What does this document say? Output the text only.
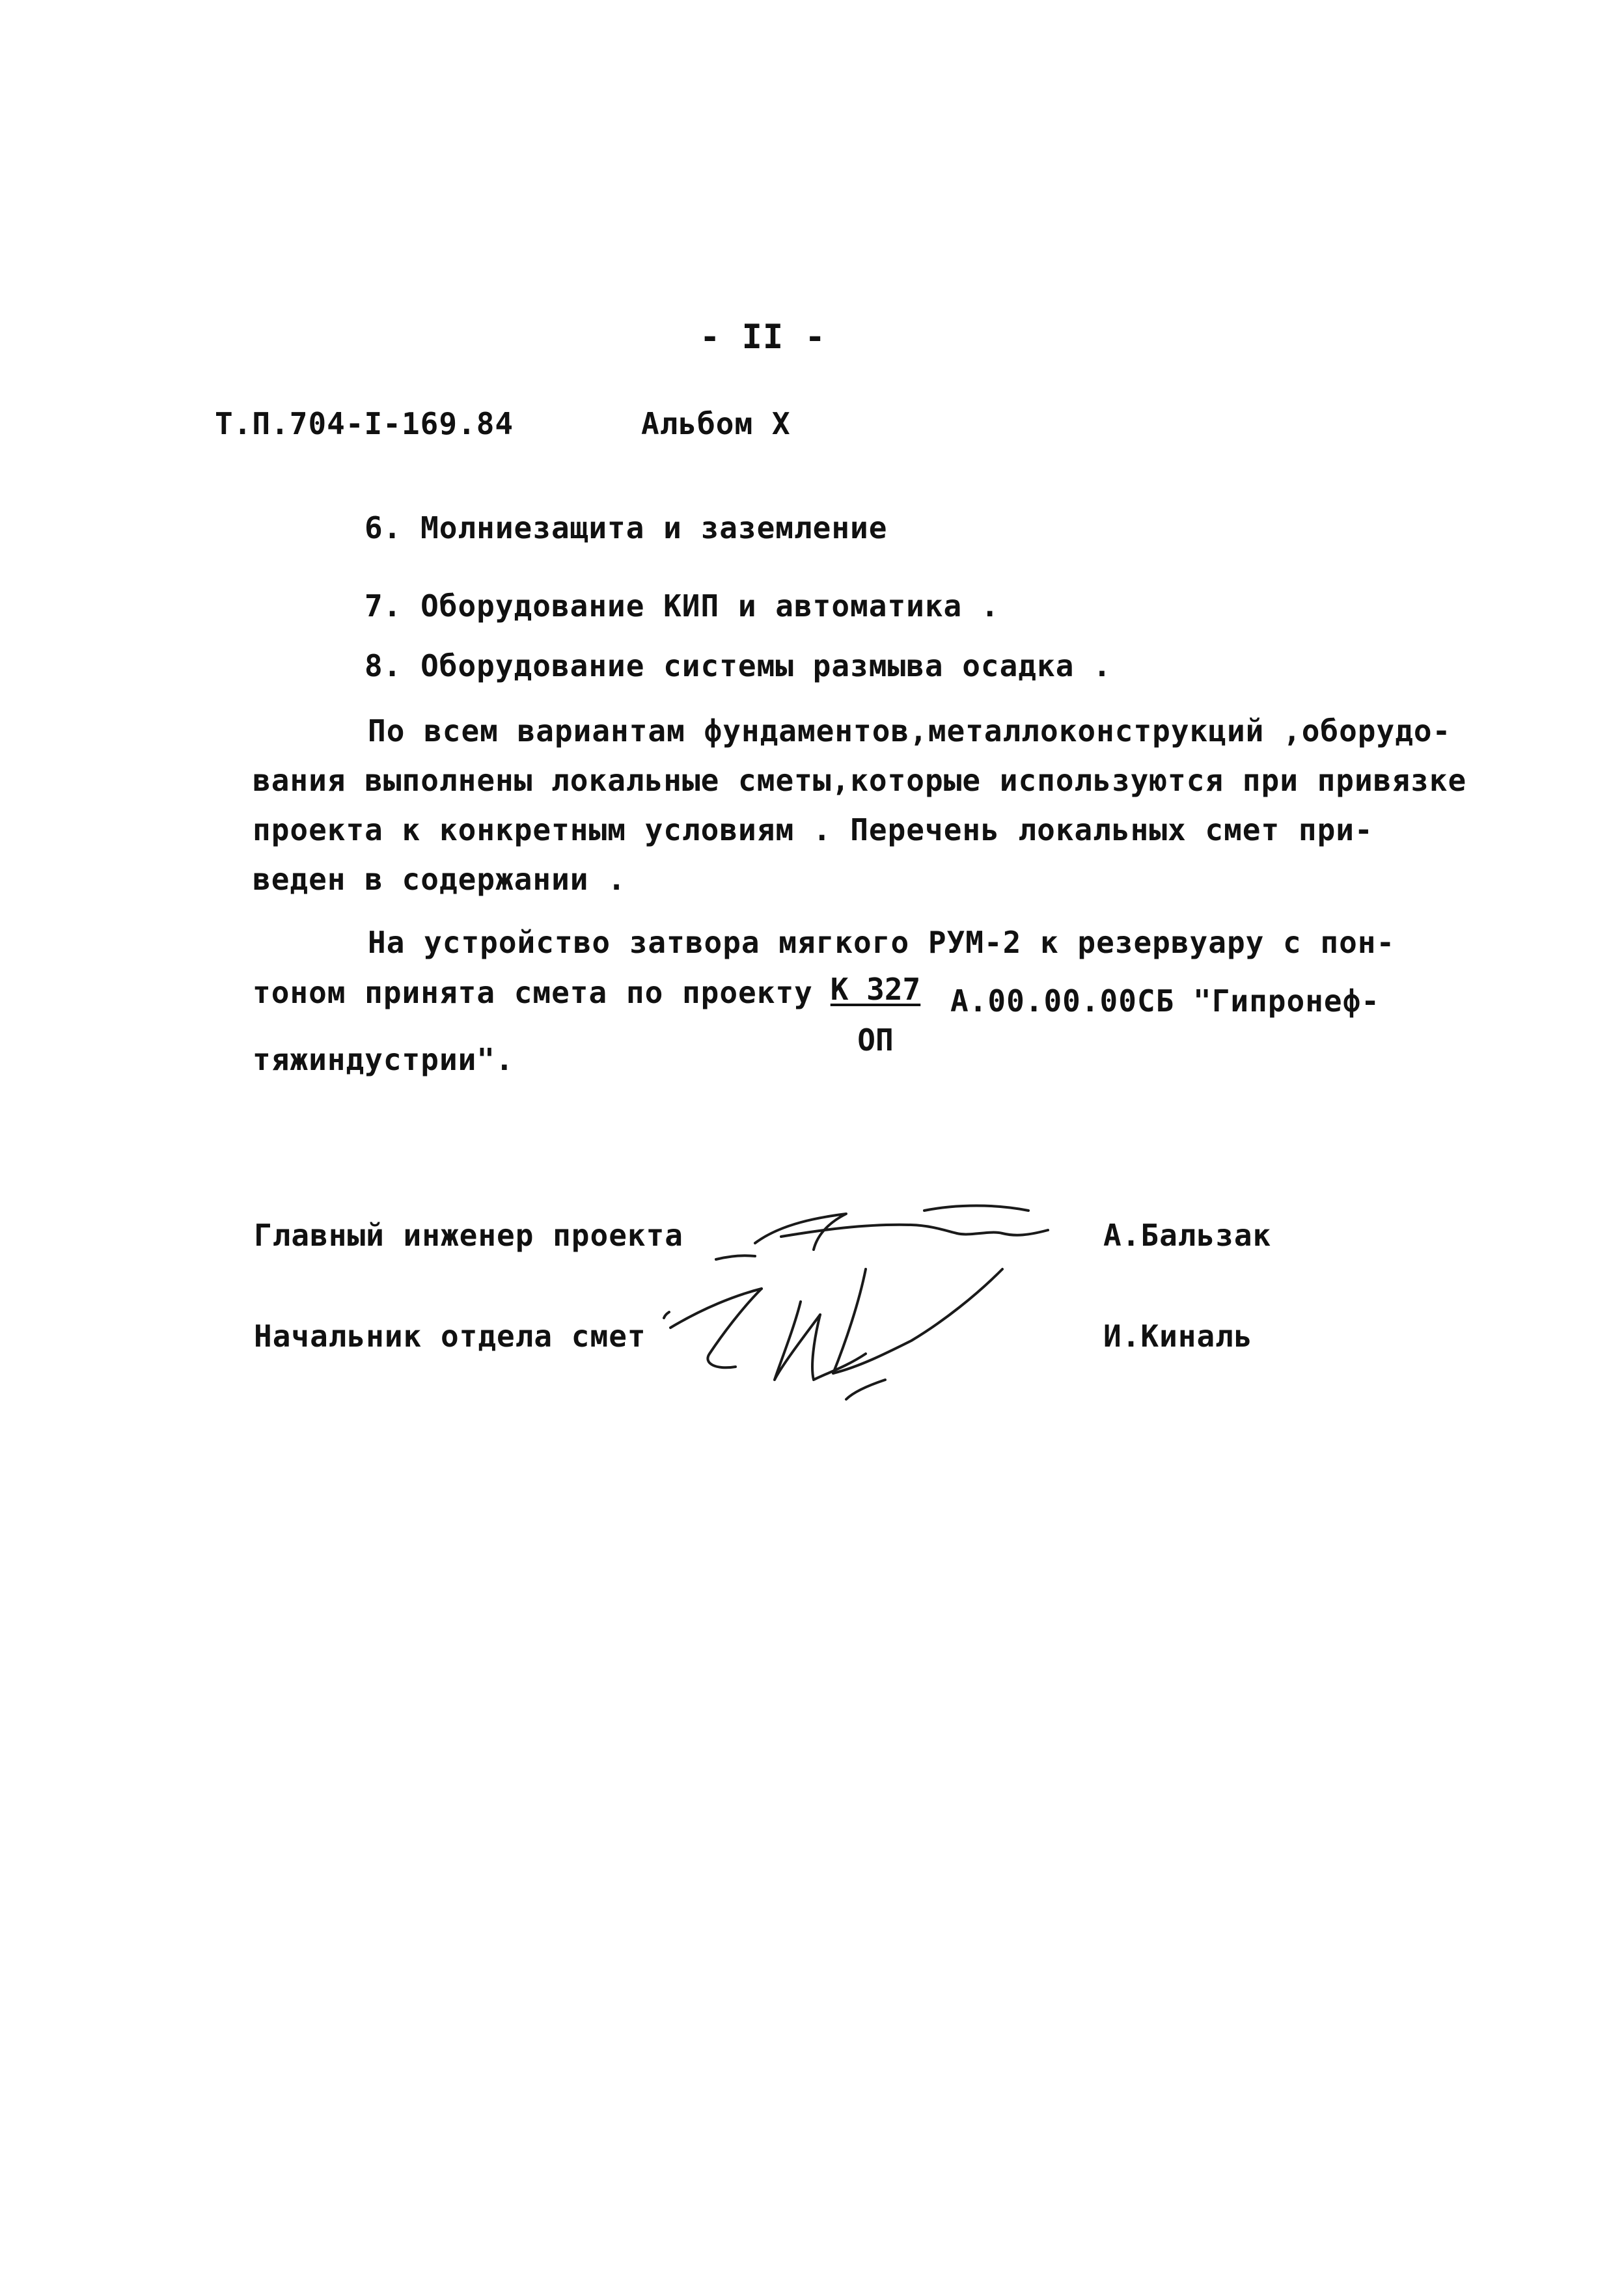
- II -
Т.П.704-I-169.84	Альбом X
6. Молниезащита и заземление
7. Оборудование КИП и автоматика .
8. Оборудование системы размыва осадка .
По всем вариантам фундаментов,металлоконструкций ,оборудо-
вания выполнены локальные сметы,которые используются при привязке
проекта к конкретным условиям . Перечень локальных смет при-
веден в содержании .
На устройство затвора мягкого РУМ-2 к резервуару с пон-
тоном принята смета по проекту К 327
ОП
А.00.00.00СБ "Гипронеф-
тяжиндустрии".
Главный инженер проекта	А.Бальзак
Начальник отдела смет	И.Киналь
